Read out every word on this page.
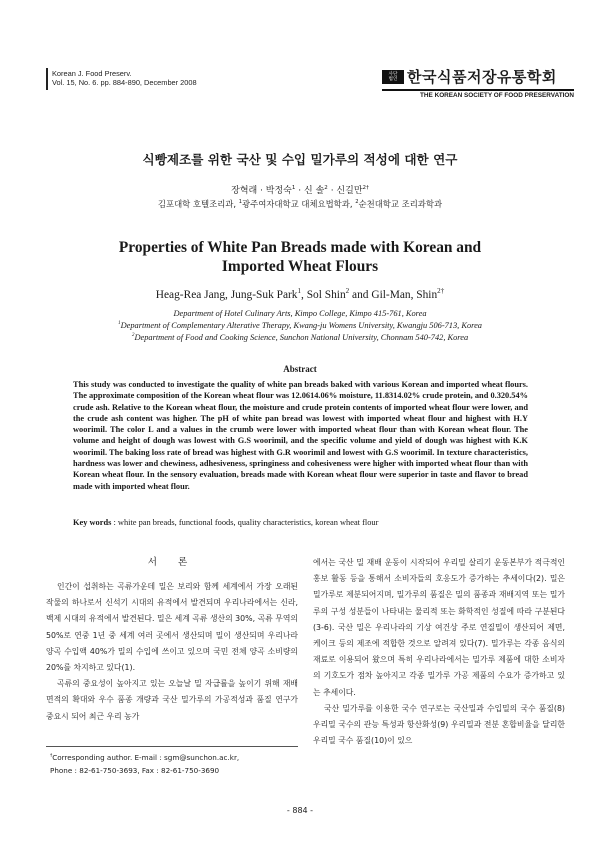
Korean J. Food Preserv.
Vol. 15, No. 6. pp. 884-890, December 2008
사단
법인 한국식품저장유통학회
THE KOREAN SOCIETY OF FOOD PRESERVATION
식빵제조를 위한 국산 및 수입 밀가루의 적성에 대한 연구
장혁래 · 박정숙$^1$ · 신 솔$^2$ · 신길만$^{2\dagger}$
김포대학 호텔조리과, $^1$광주여자대학교 대체요법학과, $^2$순천대학교 조리과학과
Properties of White Pan Breads made with Korean and
Imported Wheat Flours
Heag-Rea Jang, Jung-Suk Park$^1$, Sol Shin$^2$ and Gil-Man, Shin$^{2\dagger}$
Department of Hotel Culinary Arts, Kimpo College, Kimpo 415-761, Korea
$^1$Department of Complementary Alterative Therapy, Kwang-ju Womens University, Kwangju 506-713, Korea
$^2$Department of Food and Cooking Science, Sunchon National University, Chonnam 540-742, Korea
Abstract
This study was conducted to investigate the quality of white pan breads baked with various Korean and imported wheat flours. The approximate composition of the Korean wheat flour was 12.0614.06% moisture, 11.8314.02% crude protein, and 0.320.54% crude ash. Relative to the Korean wheat flour, the moisture and crude protein contents of imported wheat flour were lower, and the crude ash content was higher. The pH of white pan bread was lowest with imported wheat flour and highest with H.Y woorimil. The color L and a values in the crumb were lower with imported wheat flour than with Korean wheat flour. The volume and height of dough was lowest with G.S woorimil, and the specific volume and yield of dough was highest with K.K woorimil. The baking loss rate of bread was highest with G.R woorimil and lowest with G.S woorimil. In texture characteristics, hardness was lower and chewiness, adhesiveness, springiness and cohesiveness were higher with imported wheat flour than with Korean wheat flour. In the sensory evaluation, breads made with Korean wheat flour were superior in taste and flavor to bread made with imported wheat flour.
Key words : white pan breads, functional foods, quality characteristics, korean wheat flour
서 론

인간이 섭취하는 곡류가운데 밀은 보리와 함께 세계에서 가장 오래된 작물의 하나로서 신석기 시대의 유적에서 발견되며 우리나라에서는 신라, 백제 시대의 유적에서 발견된다. 밀은 세계 곡류 생산의 30%, 곡류 무역의 50%로 연중 1년 중 세계 여러 곳에서 생산되며 밀이 생산되며 우리나라 양곡 수입액 40%가 밀의 수입에 쓰이고 있으며 국민 전체 양곡 소비량의 20%를 차지하고 있다(1).

곡류의 중요성이 높아지고 있는 오늘날 밀 자급률을 높이기 위해 재배 면적의 확대와 우수 품종 개량과 국산 밀가루의 가공적성과 품질 연구가 중요시 되어 최근 우리 농가

에서는 국산 밀 재배 운동이 시작되어 우리밀 살리기 운동본부가 적극적인 홍보 활동 등을 통해서 소비자들의 호응도가 증가하는 추세이다(2). 밀은 밀가루로 제분되어지며, 밀가루의 품질은 밀의 품종과 재배지역 또는 밀가루의 구성 성분들이 나타내는 물리적 또는 화학적인 성질에 따라 구분된다(3-6). 국산 밀은 우리나라의 기상 여건상 주로 연질밀이 생산되어 제면, 케이크 등의 제조에 적합한 것으로 알려져 있다(7). 밀가루는 각종 음식의 재료로 이용되어 왔으며 특히 우리나라에서는 밀가루 제품에 대한 소비자의 기호도가 점차 높아지고 각종 밀가루 가공 제품의 수요가 증가하고 있는 추세이다.

국산 밀가루를 이용한 국수 연구로는 국산밀과 수입밀의 국수 품질(8) 우리밀 국수의 관능 특성과 항산화성(9) 우리밀과 전분 혼합비율을 달리한 우리밀 국수 품질(10)이 있으

†Corresponding author. E-mail : sgm@sunchon.ac.kr,
Phone : 82-61-750-3693, Fax : 82-61-750-3690
- 884 -
